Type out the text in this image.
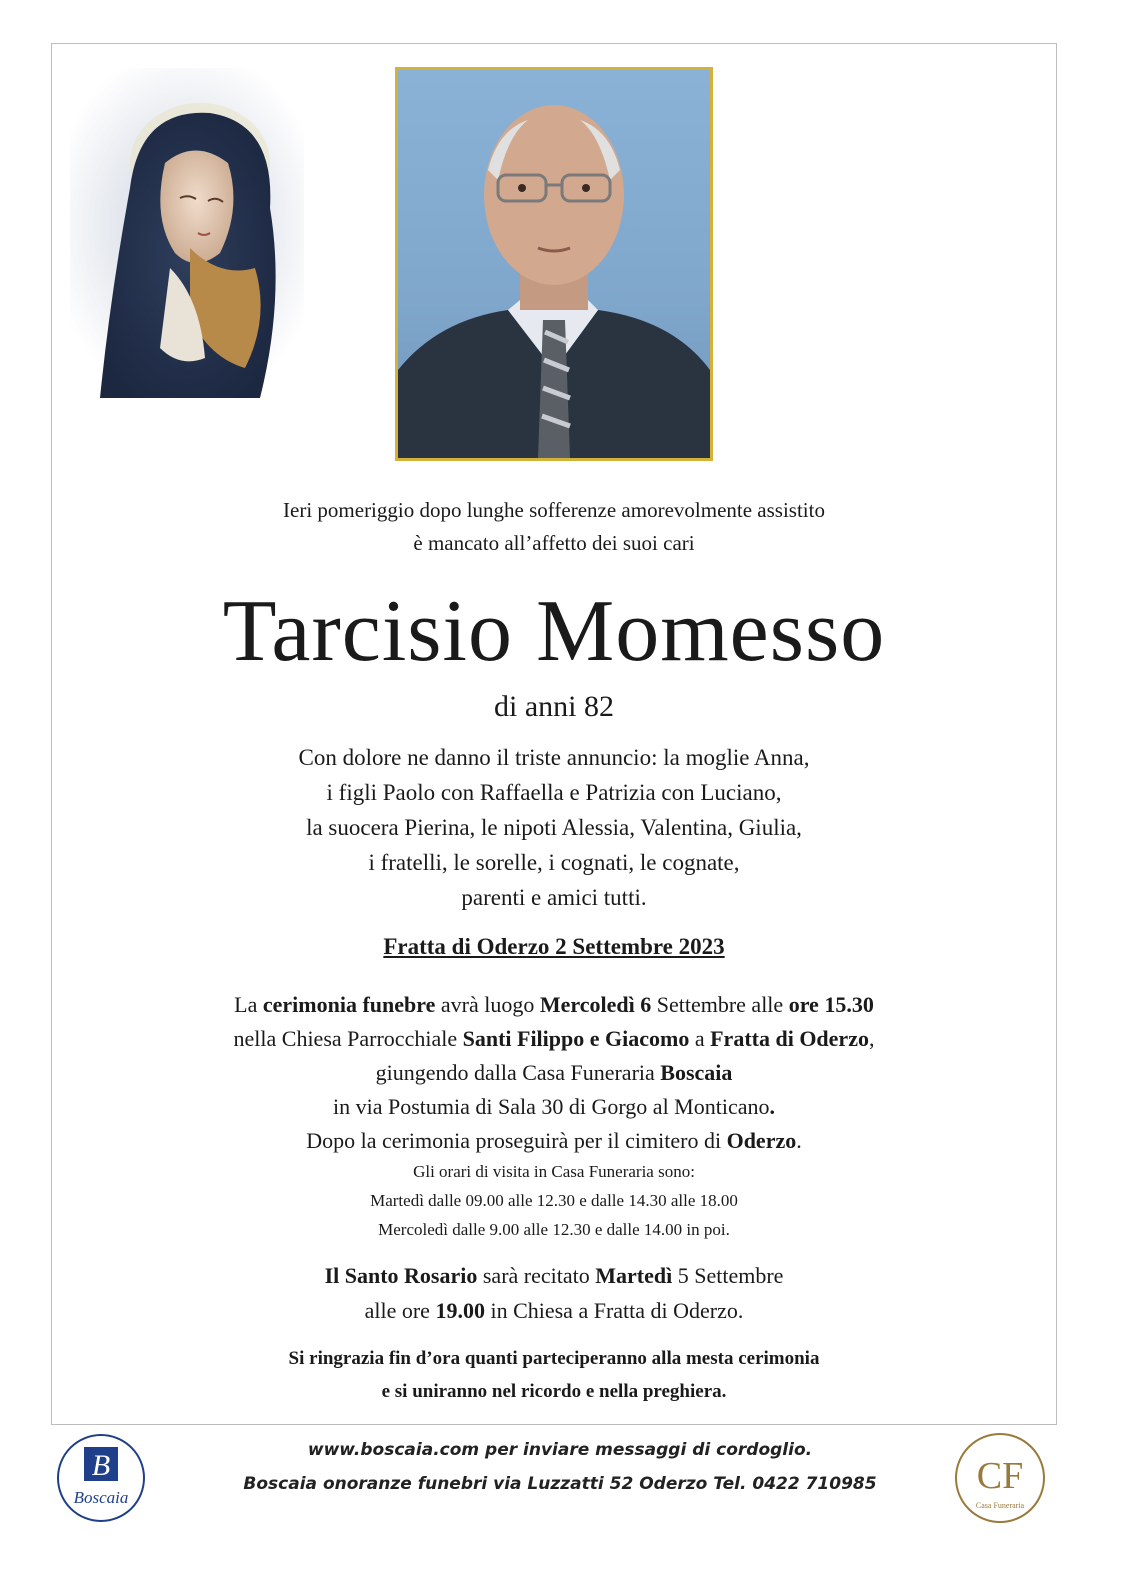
Ieri pomeriggio dopo lunghe sofferenze amorevolmente assistito
è mancato all’affetto dei suoi cari
Tarcisio Momesso
di anni 82
Con dolore ne danno il triste annuncio: la moglie Anna,
i figli Paolo con Raffaella e Patrizia con Luciano,
la suocera Pierina, le nipoti Alessia, Valentina, Giulia,
i fratelli, le sorelle, i cognati, le cognate,
parenti e amici tutti.
Fratta di Oderzo 2 Settembre 2023
La cerimonia funebre avrà luogo Mercoledì 6 Settembre alle ore 15.30
nella Chiesa Parrocchiale Santi Filippo e Giacomo a Fratta di Oderzo,
giungendo dalla Casa Funeraria Boscaia
in via Postumia di Sala 30 di Gorgo al Monticano.
Dopo la cerimonia proseguirà per il cimitero di Oderzo.
Gli orari di visita in Casa Funeraria sono:
Martedì dalle 09.00 alle 12.30 e dalle 14.30 alle 18.00
Mercoledì dalle 9.00 alle 12.30 e dalle 14.00 in poi.
Il Santo Rosario sarà recitato Martedì 5 Settembre
alle ore 19.00 in Chiesa a Fratta di Oderzo.
Si ringrazia fin d’ora quanti parteciperanno alla mesta cerimonia
e si uniranno nel ricordo e nella preghiera.
B
Boscaia
www.boscaia.com per inviare messaggi di cordoglio.
Boscaia onoranze funebri via Luzzatti 52 Oderzo Tel. 0422 710985	CF
Casa Funeraria
